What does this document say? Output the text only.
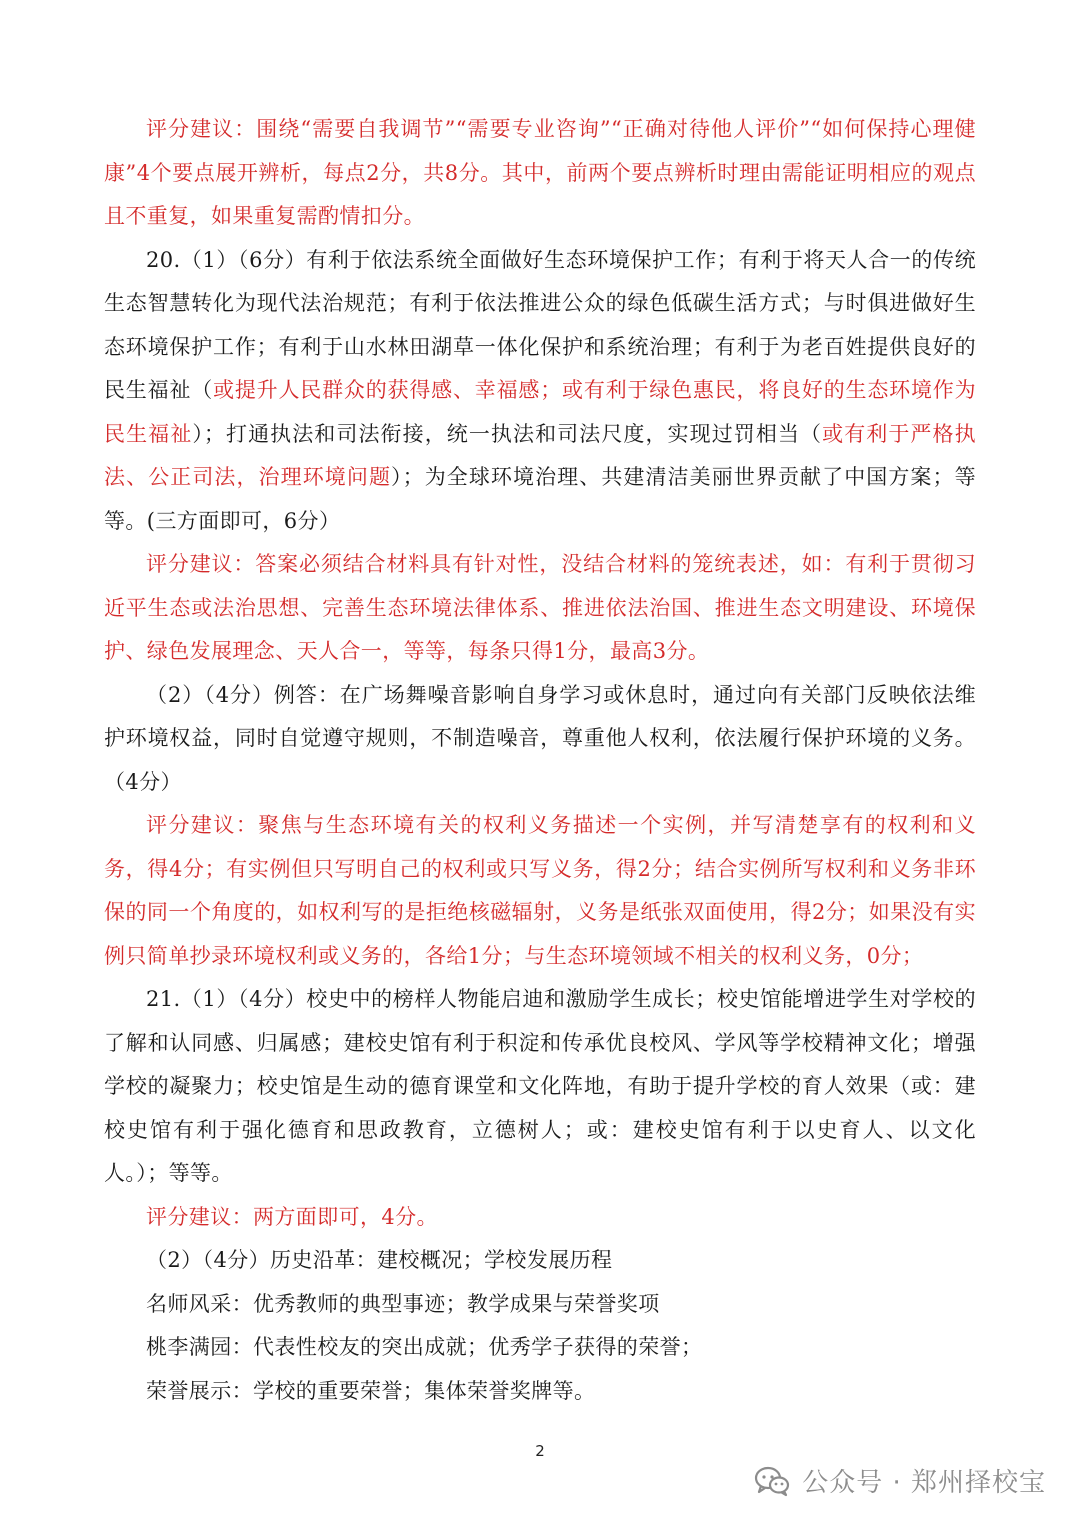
评分建议：围绕“需要自我调节”“需要专业咨询”“正确对待他人评价”“如何保持心理健康”4个要点展开辨析，每点2分，共8分。其中，前两个要点辨析时理由需能证明相应的观点且不重复，如果重复需酌情扣分。

20.（1）（6分）有利于依法系统全面做好生态环境保护工作；有利于将天人合一的传统生态智慧转化为现代法治规范；有利于依法推进公众的绿色低碳生活方式；与时俱进做好生态环境保护工作；有利于山水林田湖草一体化保护和系统治理；有利于为老百姓提供良好的民生福祉（或提升人民群众的获得感、幸福感；或有利于绿色惠民，将良好的生态环境作为民生福祉）；打通执法和司法衔接，统一执法和司法尺度，实现过罚相当（或有利于严格执法、公正司法，治理环境问题）；为全球环境治理、共建清洁美丽世界贡献了中国方案；等等。(三方面即可，6分）

评分建议：答案必须结合材料具有针对性，没结合材料的笼统表述，如：有利于贯彻习近平生态或法治思想、完善生态环境法律体系、推进依法治国、推进生态文明建设、环境保护、绿色发展理念、天人合一，等等，每条只得1分，最高3分。

（2）（4分）例答：在广场舞噪音影响自身学习或休息时，通过向有关部门反映依法维护环境权益，同时自觉遵守规则，不制造噪音，尊重他人权利，依法履行保护环境的义务。（4分）

评分建议：聚焦与生态环境有关的权利义务描述一个实例，并写清楚享有的权利和义务，得4分；有实例但只写明自己的权利或只写义务，得2分；结合实例所写权利和义务非环保的同一个角度的，如权利写的是拒绝核磁辐射，义务是纸张双面使用，得2分；如果没有实例只简单抄录环境权利或义务的，各给1分；与生态环境领域不相关的权利义务，0分；

21.（1）（4分）校史中的榜样人物能启迪和激励学生成长；校史馆能增进学生对学校的了解和认同感、归属感；建校史馆有利于积淀和传承优良校风、学风等学校精神文化；增强学校的凝聚力；校史馆是生动的德育课堂和文化阵地，有助于提升学校的育人效果（或：建校史馆有利于强化德育和思政教育，立德树人；或：建校史馆有利于以史育人、以文化人。）；等等。

评分建议：两方面即可，4分。

（2）（4分）历史沿革：建校概况；学校发展历程

名师风采：优秀教师的典型事迹；教学成果与荣誉奖项

桃李满园：代表性校友的突出成就；优秀学子获得的荣誉；

荣誉展示：学校的重要荣誉；集体荣誉奖牌等。

2
公众号 · 郑州择校宝
